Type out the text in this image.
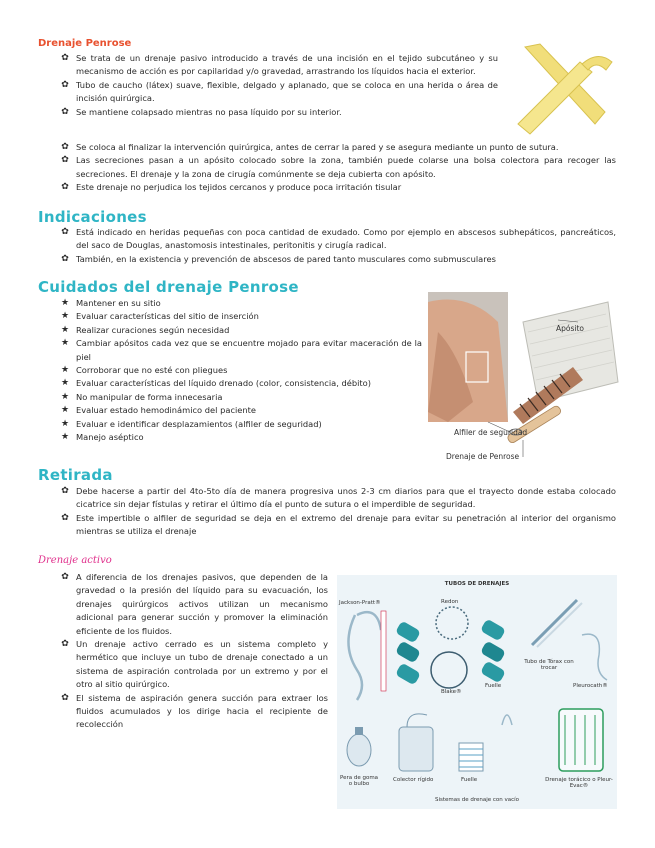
Drenaje Penrose
✿ Se trata de un drenaje pasivo introducido a través de una incisión en el tejido subcutáneo y su mecanismo de acción es por capilaridad y/o gravedad, arrastrando los líquidos hacia el exterior.
✿ Tubo de caucho (látex) suave, flexible, delgado y aplanado, que se coloca en una herida o área de incisión quirúrgica.
✿ Se mantiene colapsado mientras no pasa líquido por su interior.
✿ Se coloca al finalizar la intervención quirúrgica, antes de cerrar la pared y se asegura mediante un punto de sutura.
✿ Las secreciones pasan a un apósito colocado sobre la zona, también puede colarse una bolsa colectora para recoger las secreciones. El drenaje y la zona de cirugía comúnmente se deja cubierta con apósito.
✿ Este drenaje no perjudica los tejidos cercanos y produce poca irritación tisular
Indicaciones
✿ Está indicado en heridas pequeñas con poca cantidad de exudado. Como por ejemplo en abscesos subhepáticos, pancreáticos, del saco de Douglas, anastomosis intestinales, peritonitis y cirugía radical.
✿ También, en la existencia y prevención de abscesos de pared tanto musculares como submusculares
Cuidados del drenaje Penrose
★ Mantener en su sitio
★ Evaluar características del sitio de inserción
★ Realizar curaciones según necesidad
★ Cambiar apósitos cada vez que se encuentre mojado para evitar maceración de la piel
★ Corroborar que no esté con pliegues
★ Evaluar características del líquido drenado (color, consistencia, débito)
★ No manipular de forma innecesaria
★ Evaluar estado hemodinámico del paciente
★ Evaluar e identificar desplazamientos (alfiler de seguridad)
★ Manejo aséptico
Apósito
Alfiler de seguridad
Drenaje de Penrose
Retirada
✿ Debe hacerse a partir del 4to-5to día de manera progresiva unos 2-3 cm diarios para que el trayecto donde estaba colocado cicatrice sin dejar fístulas y retirar el último día el punto de sutura o el imperdible de seguridad.
✿ Este impertible o alfiler de seguridad se deja en el extremo del drenaje para evitar su penetración al interior del organismo mientras se utiliza el drenaje
Drenaje activo
✿ A diferencia de los drenajes pasivos, que dependen de la gravedad o la presión del líquido para su evacuación, los drenajes quirúrgicos activos utilizan un mecanismo adicional para generar succión y promover la eliminación eficiente de los fluidos.
✿ Un drenaje activo cerrado es un sistema completo y hermético que incluye un tubo de drenaje conectado a un sistema de aspiración controlada por un extremo y por el otro al sitio quirúrgico.
✿ El sistema de aspiración genera succión para extraer los fluidos acumulados y los dirige hacia el recipiente de recolección
TUBOS DE DRENAJES
Jackson-Pratt®	Redon
Blake®
Fuelle
Tubo de Tórax con trocar
Pleurocath®
Pera de goma o bulbo
Colector rígido	Fuelle	Drenaje torácico o Pleur-Evac®
Sistemas de drenaje con vacío
